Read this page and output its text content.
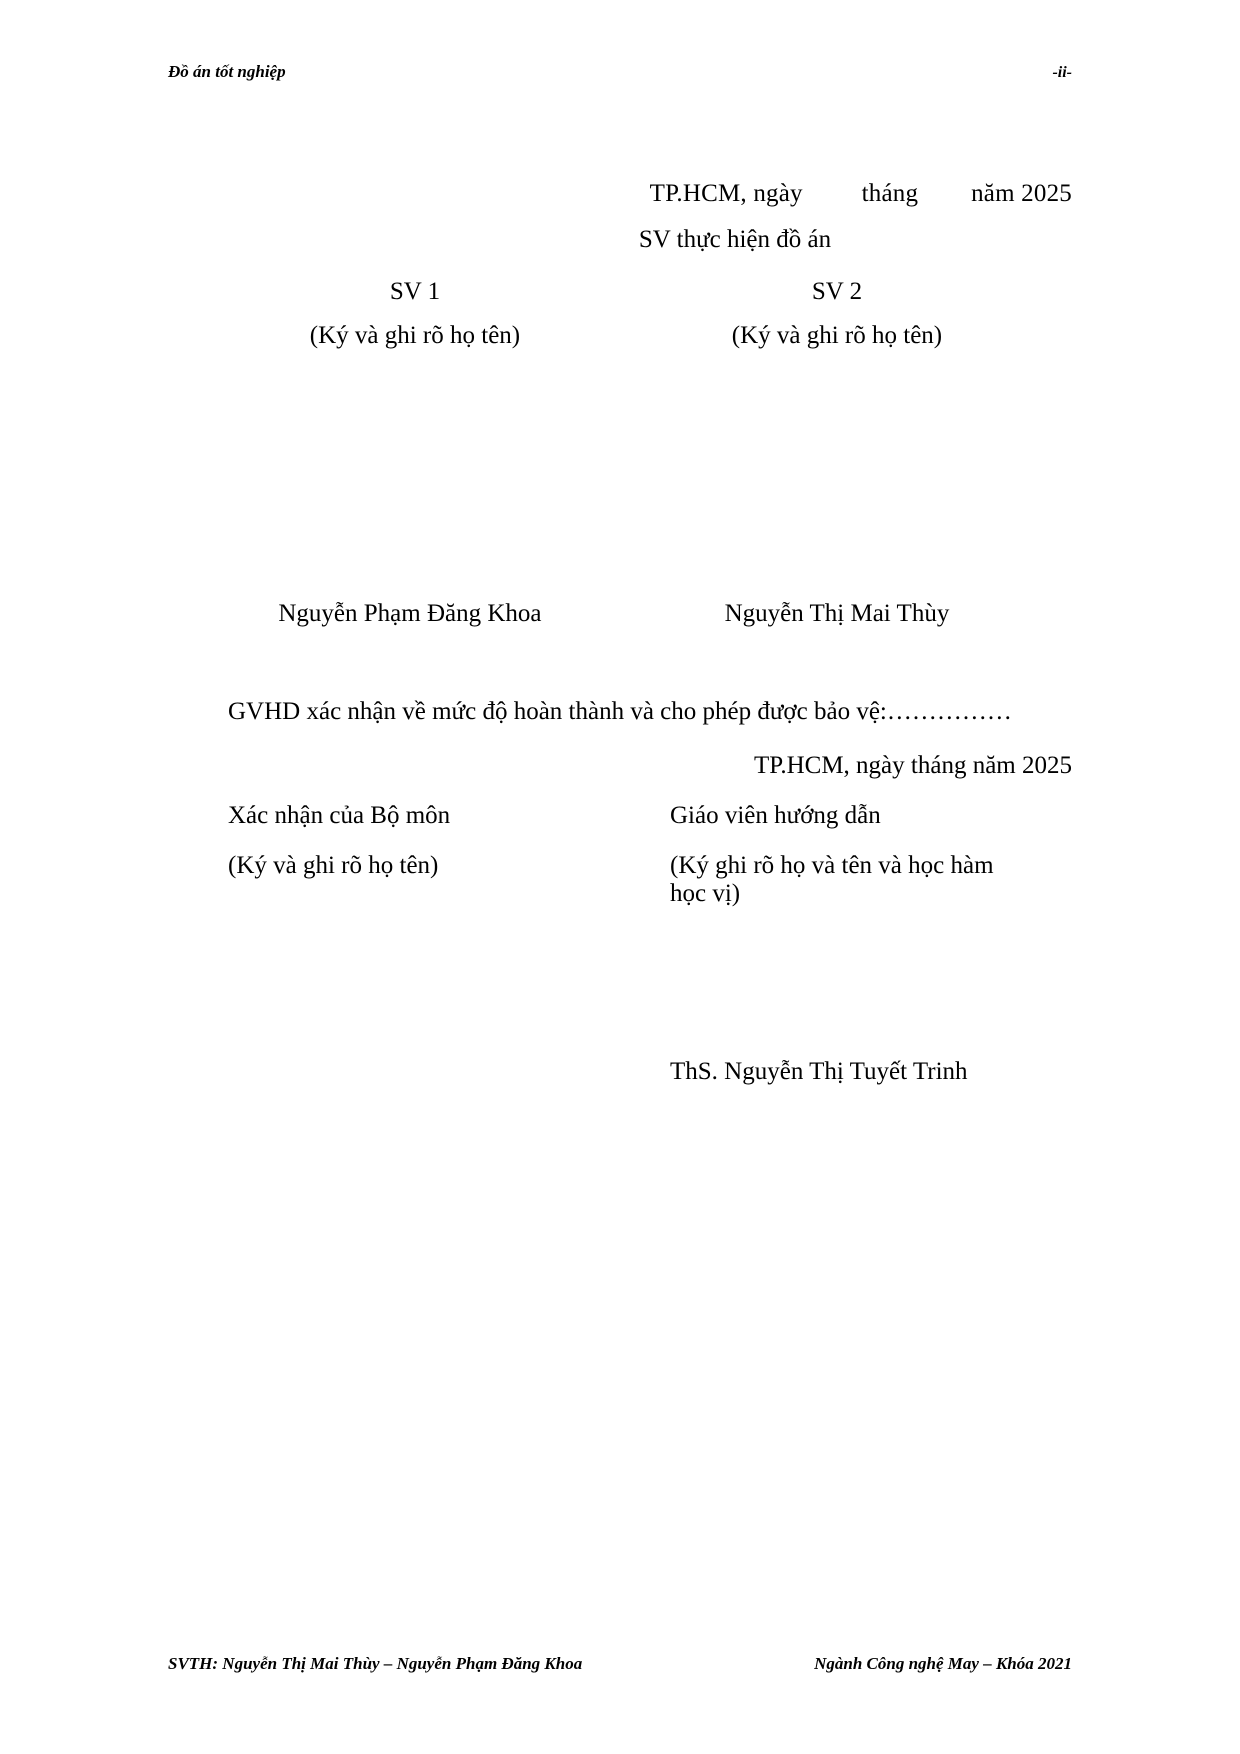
Đồ án tốt nghiệp	-ii-
TP.HCM, ngày tháng năm 2025
SV thực hiện đồ án
SV 1	SV 2
(Ký và ghi rõ họ tên)	(Ký và ghi rõ họ tên)
Nguyễn Phạm Đăng Khoa	Nguyễn Thị Mai Thùy
GVHD xác nhận về mức độ hoàn thành và cho phép được bảo vệ:……………
TP.HCM, ngày tháng năm 2025
Xác nhận của Bộ môn	Giáo viên hướng dẫn
(Ký và ghi rõ họ tên)	(Ký ghi rõ họ và tên và học hàm học vị)
ThS. Nguyễn Thị Tuyết Trinh
SVTH: Nguyễn Thị Mai Thùy – Nguyễn Phạm Đăng Khoa	Ngành Công nghệ May – Khóa 2021
